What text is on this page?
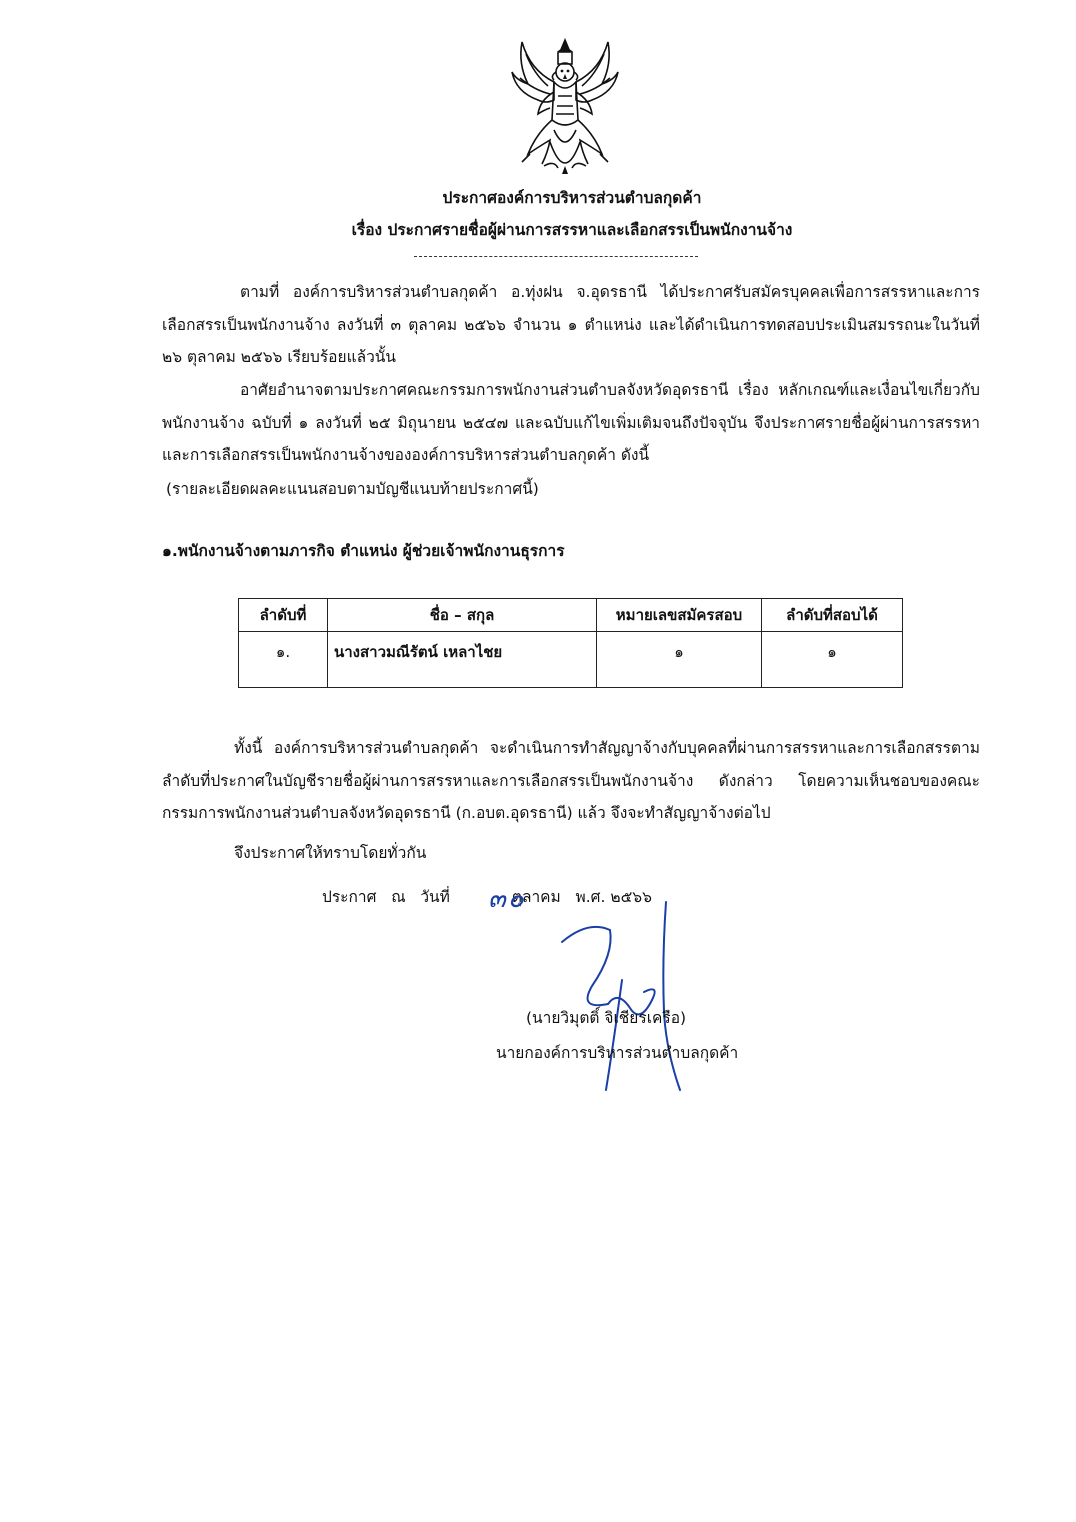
ประกาศองค์การบริหารส่วนตำบลกุดค้า
เรื่อง ประกาศรายชื่อผู้ผ่านการสรรหาและเลือกสรรเป็นพนักงานจ้าง
ตามที่ องค์การบริหารส่วนตำบลกุดค้า อ.ทุ่งฝน จ.อุดรธานี ได้ประกาศรับสมัครบุคคลเพื่อการสรรหาและการเลือกสรรเป็นพนักงานจ้าง ลงวันที่ ๓ ตุลาคม ๒๕๖๖ จำนวน ๑ ตำแหน่ง และได้ดำเนินการทดสอบประเมินสมรรถนะในวันที่ ๒๖ ตุลาคม ๒๕๖๖ เรียบร้อยแล้วนั้น
อาศัยอำนาจตามประกาศคณะกรรมการพนักงานส่วนตำบลจังหวัดอุดรธานี เรื่อง หลักเกณฑ์และเงื่อนไขเกี่ยวกับพนักงานจ้าง ฉบับที่ ๑ ลงวันที่ ๒๕ มิถุนายน ๒๕๔๗ และฉบับแก้ไขเพิ่มเติมจนถึงปัจจุบัน จึงประกาศรายชื่อผู้ผ่านการสรรหาและการเลือกสรรเป็นพนักงานจ้างขององค์การบริหารส่วนตำบลกุดค้า ดังนี้
(รายละเอียดผลคะแนนสอบตามบัญชีแนบท้ายประกาศนี้)
๑.พนักงานจ้างตามภารกิจ ตำแหน่ง ผู้ช่วยเจ้าพนักงานธุรการ
ลำดับที่	ชื่อ – สกุล	หมายเลขสมัครสอบ	ลำดับที่สอบได้
๑.	นางสาวมณีรัตน์ เหลาไชย	๑	๑
ทั้งนี้ องค์การบริหารส่วนตำบลกุดค้า จะดำเนินการทำสัญญาจ้างกับบุคคลที่ผ่านการสรรหาและการเลือกสรรตามลำดับที่ประกาศในบัญชีรายชื่อผู้ผ่านการสรรหาและการเลือกสรรเป็นพนักงานจ้าง ดังกล่าว โดยความเห็นชอบของคณะกรรมการพนักงานส่วนตำบลจังหวัดอุดรธานี (ก.อบต.อุดรธานี) แล้ว จึงจะทำสัญญาจ้างต่อไป
จึงประกาศให้ทราบโดยทั่วกัน
ประกาศ   ณ   วันที่	ตุลาคม   พ.ศ. ๒๕๖๖
๓๐
(นายวิมุตติ์ จิเชียรเครือ)
นายกองค์การบริหารส่วนตำบลกุดค้า
